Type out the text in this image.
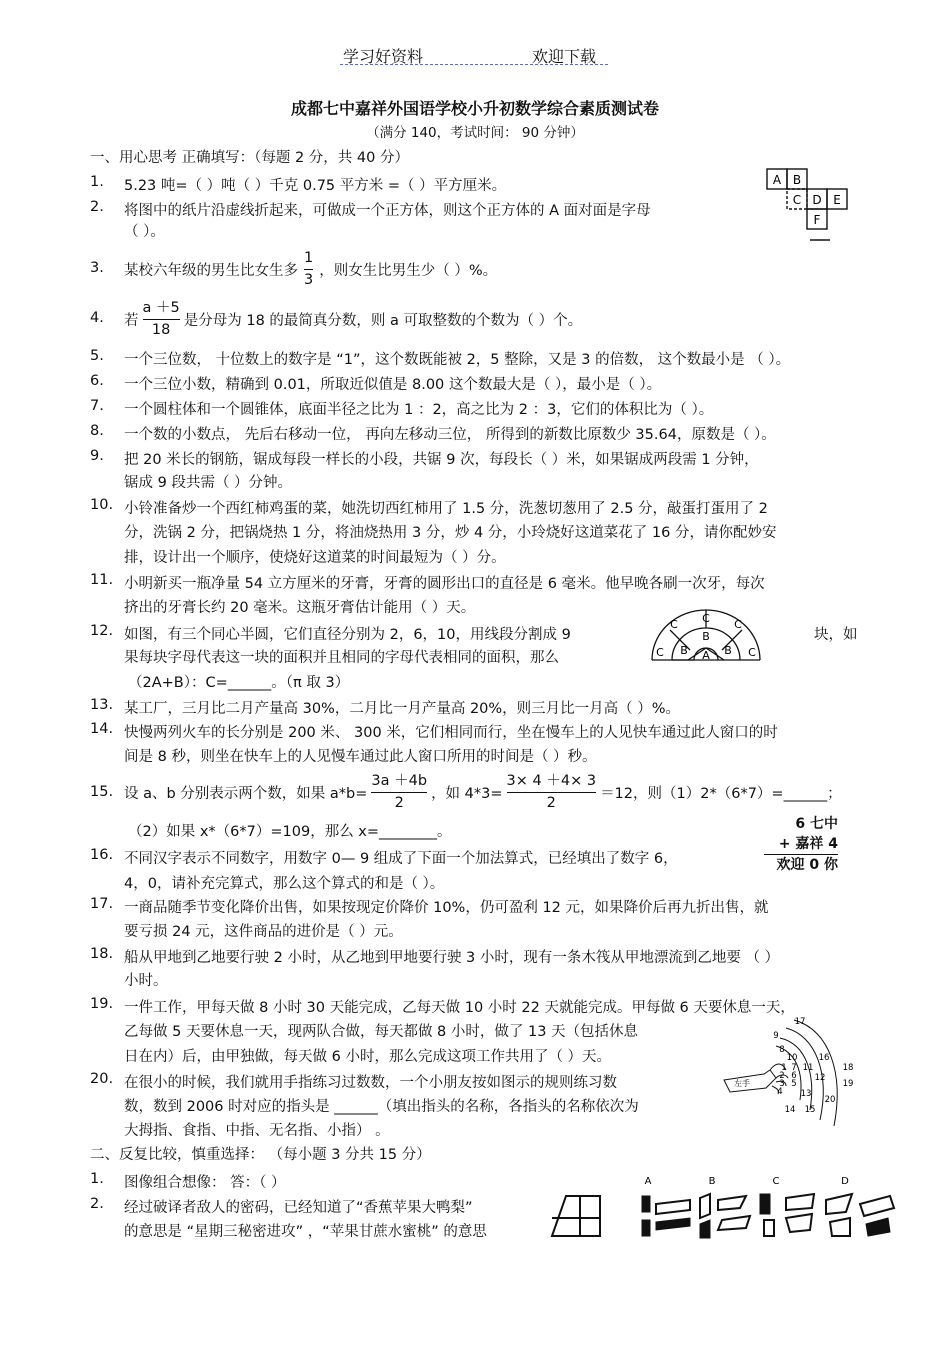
学习好资料	欢迎下载
成都七中嘉祥外国语学校小升初数学综合素质测试卷
（满分 140，考试时间： 90 分钟）
一、用心思考 正确填写：（每题 2 分，共 40 分）
1. 5.23 吨=（ ）吨（ ）千克 0.75 平方米 =（ ）平方厘米。
2. 将图中的纸片沿虚线折起来，可做成一个正方体，则这个正方体的 A 面对面是字母
（ ）。
A B
C D E
F
3. 某校六年级的男生比女生多 $\frac{1}{3}$ ，则女生比男生少（ ）%。
4. 若 $\frac{a +5}{18}$ 是分母为 18 的最简真分数，则 a 可取整数的个数为（ ）个。
5. 一个三位数， 十位数上的数字是 “1”，这个数既能被 2，5 整除，又是 3 的倍数， 这个数最小是 （ ）。
6. 一个三位小数，精确到 0.01，所取近似值是 8.00 这个数最大是（ ），最小是（ ）。
7. 一个圆柱体和一个圆锥体，底面半径之比为 1 ：2，高之比为 2 ：3，它们的体积比为（ ）。
8. 一个数的小数点， 先后右移动一位， 再向左移动三位， 所得到的新数比原数少 35.64，原数是（ ）。
9. 把 20 米长的钢筋，锯成每段一样长的小段，共锯 9 次，每段长（ ）米，如果锯成两段需 1 分钟，
锯成 9 段共需（ ）分钟。
10. 小铃准备炒一个西红柿鸡蛋的菜，她洗切西红柿用了 1.5 分，洗葱切葱用了 2.5 分，敲蛋打蛋用了 2
分，洗锅 2 分，把锅烧热 1 分，将油烧热用 3 分，炒 4 分，小玲烧好这道菜花了 16 分，请你配妙安
排，设计出一个顺序，使烧好这道菜的时间最短为（ ）分。
11. 小明新买一瓶净量 54 立方厘米的牙膏，牙膏的圆形出口的直径是 6 毫米。他早晚各刷一次牙，每次
挤出的牙膏长约 20 毫米。这瓶牙膏估计能用（ ）天。
12. 如图，有三个同心半圆，它们直径分别为 2，6，10，用线段分割成 9	块，如
果每块字母代表这一块的面积并且相同的字母代表相同的面积，那么
（2A+B）：C=______。（π 取 3）
C C C
B
B
C	A B C
13. 某工厂，三月比二月产量高 30%，二月比一月产量高 20%，则三月比一月高（ ）%。
14. 快慢两列火车的长分别是 200 米、 300 米，它们相同而行，坐在慢车上的人见快车通过此人窗口的时
间是 8 秒，则坐在快车上的人见慢车通过此人窗口所用的时间是（ ）秒。
15. 设 a、b 分别表示两个数，如果 $a*b= \frac{3a +4b}{2}$ ，如 $4*3= \frac{3\times 4 +4\times 3}{2} =12$，则（1）2*（6*7）=______；
（2）如果 x*（6*7）=109，那么 x=________。	6 七中
+ 嘉祥 4
欢迎 0 你
16. 不同汉字表示不同数字，用数字 0— 9 组成了下面一个加法算式，已经填出了数字 6，
4，0，请补充完算式，那么这个算式的和是（ ）。
17. 一商品随季节变化降价出售，如果按现定价降价 10%，仍可盈利 12 元，如果降价后再九折出售，就
要亏损 24 元，这件商品的进价是（ ）元。
18. 船从甲地到乙地要行驶 2 小时，从乙地到甲地要行驶 3 小时，现有一条木筏从甲地漂流到乙地要 （ ）
小时。
19. 一件工作，甲每天做 8 小时 30 天能完成，乙每天做 10 小时 22 天就能完成。甲每做 6 天要休息一天，
乙每做 5 天要休息一天，现两队合做，每天都做 8 小时，做了 13 天（包括休息
日在内）后，由甲独做，每天做 6 小时，那么完成这项工作共用了（ ）天。
左手
17
9
8
10 16
1 7 11	18
2 6 12
3 5	19
4 13
20
15
14
20. 在很小的时候，我们就用手指练习过数数，一个小朋友按如图示的规则练习数
数，数到 2006 时对应的指头是 ______（填出指头的名称，各指头的名称依次为
大拇指、食指、中指、无名指、小指） 。
二、反复比较，慎重选择： （每小题 3 分共 15 分）
1. 图像组合想像： 答：（ ）
2. 经过破译者敌人的密码，已经知道了“香蕉苹果大鸭梨”
的意思是 “星期三秘密进攻” ，“苹果甘蔗水蜜桃” 的意思
A	B	C	D
